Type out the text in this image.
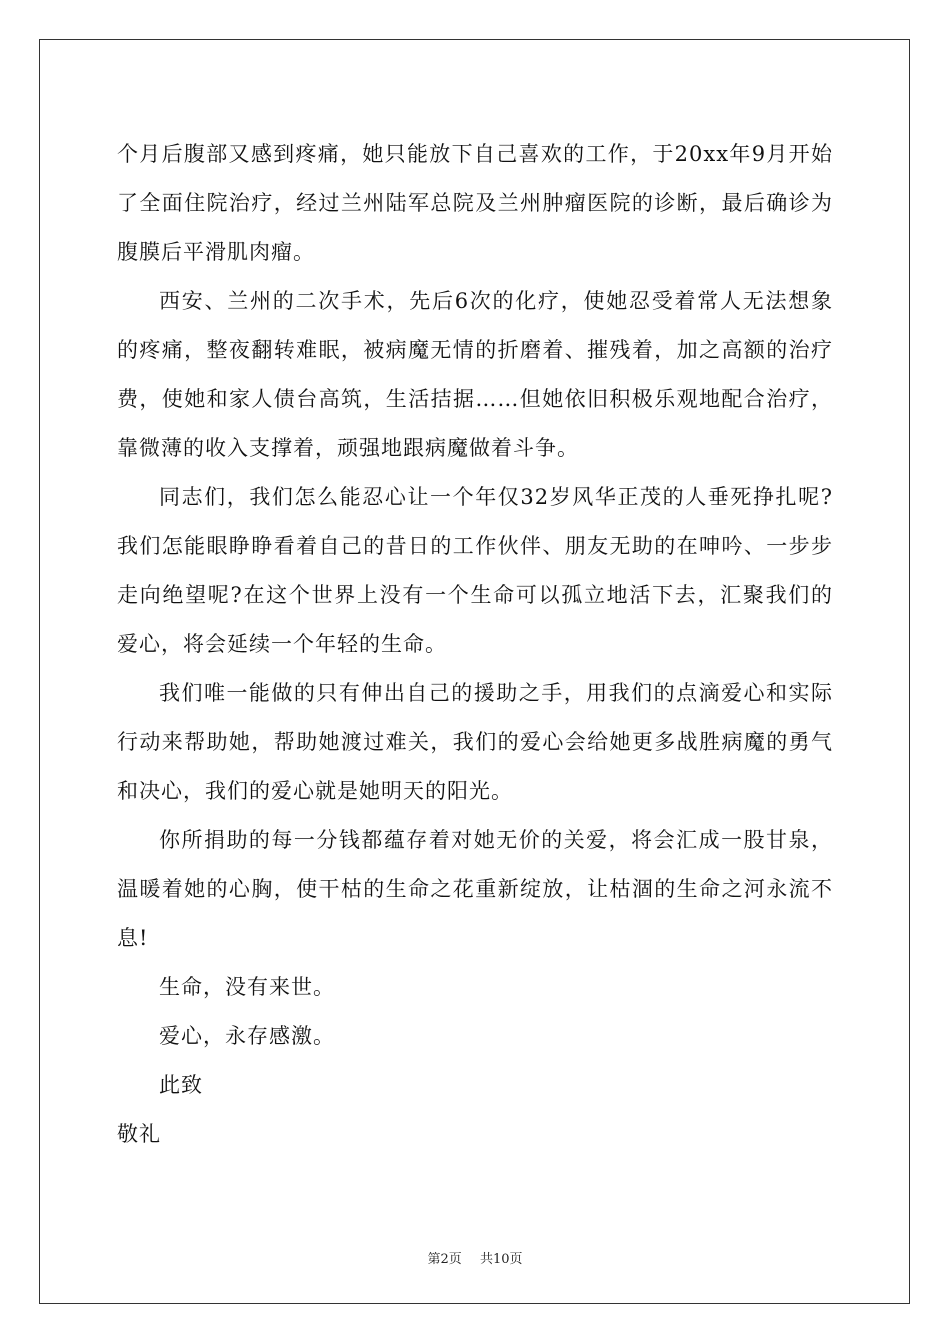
个月后腹部又感到疼痛，她只能放下自己喜欢的工作，于20xx年9月开始了全面住院治疗，经过兰州陆军总院及兰州肿瘤医院的诊断，最后确诊为腹膜后平滑肌肉瘤。

西安、兰州的二次手术，先后6次的化疗，使她忍受着常人无法想象的疼痛，整夜翻转难眠，被病魔无情的折磨着、摧残着，加之高额的治疗费，使她和家人债台高筑，生活拮据……但她依旧积极乐观地配合治疗，靠微薄的收入支撑着，顽强地跟病魔做着斗争。

同志们，我们怎么能忍心让一个年仅32岁风华正茂的人垂死挣扎呢?我们怎能眼睁睁看着自己的昔日的工作伙伴、朋友无助的在呻吟、一步步走向绝望呢?在这个世界上没有一个生命可以孤立地活下去，汇聚我们的爱心，将会延续一个年轻的生命。

我们唯一能做的只有伸出自己的援助之手，用我们的点滴爱心和实际行动来帮助她，帮助她渡过难关，我们的爱心会给她更多战胜病魔的勇气和决心，我们的爱心就是她明天的阳光。

你所捐助的每一分钱都蕴存着对她无价的关爱，将会汇成一股甘泉，温暖着她的心胸，使干枯的生命之花重新绽放，让枯涸的生命之河永流不息!

生命，没有来世。

爱心，永存感激。

此致

敬礼

第2页 共10页
